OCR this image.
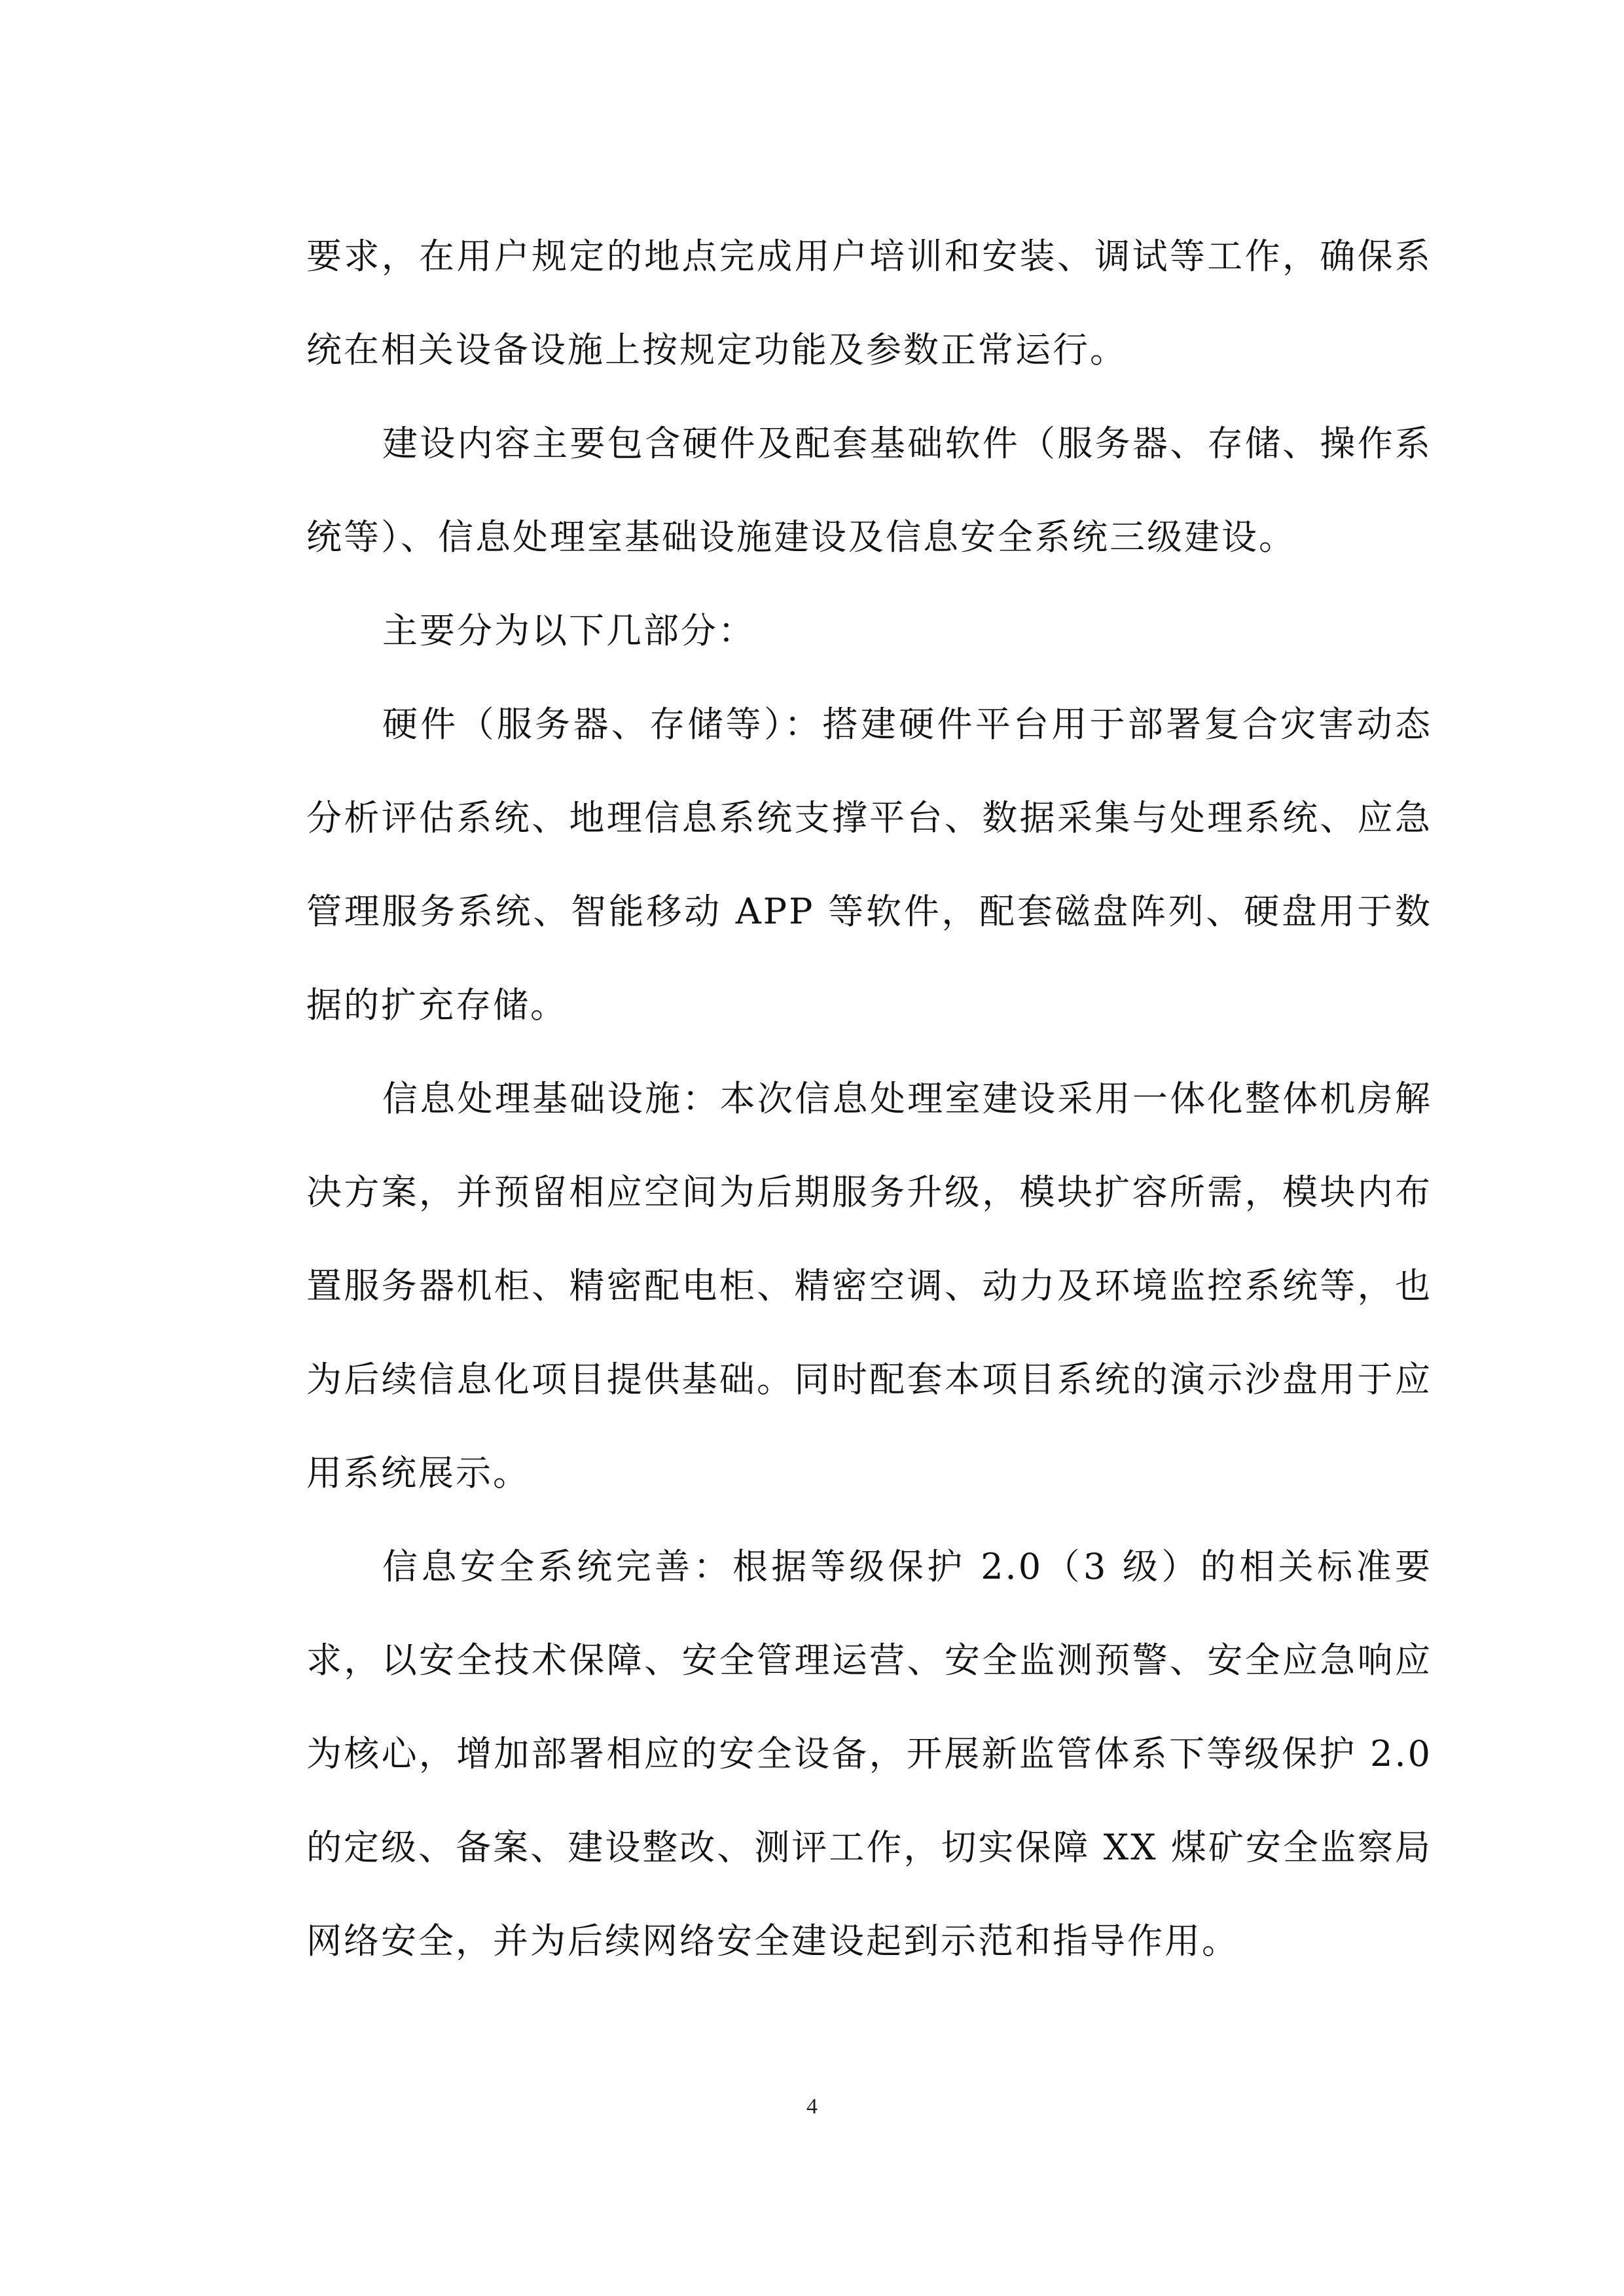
要求，在用户规定的地点完成用户培训和安装、调试等工作，确保系统在相关设备设施上按规定功能及参数正常运行。

建设内容主要包含硬件及配套基础软件（服务器、存储、操作系统等）、信息处理室基础设施建设及信息安全系统三级建设。

主要分为以下几部分：

硬件（服务器、存储等）：搭建硬件平台用于部署复合灾害动态分析评估系统、地理信息系统支撑平台、数据采集与处理系统、应急管理服务系统、智能移动 APP 等软件，配套磁盘阵列、硬盘用于数据的扩充存储。

信息处理基础设施：本次信息处理室建设采用一体化整体机房解决方案，并预留相应空间为后期服务升级，模块扩容所需，模块内布置服务器机柜、精密配电柜、精密空调、动力及环境监控系统等，也为后续信息化项目提供基础。同时配套本项目系统的演示沙盘用于应用系统展示。

信息安全系统完善：根据等级保护 2.0（3 级）的相关标准要求，以安全技术保障、安全管理运营、安全监测预警、安全应急响应为核心，增加部署相应的安全设备，开展新监管体系下等级保护 2.0 的定级、备案、建设整改、测评工作，切实保障 XX 煤矿安全监察局网络安全，并为后续网络安全建设起到示范和指导作用。

4
